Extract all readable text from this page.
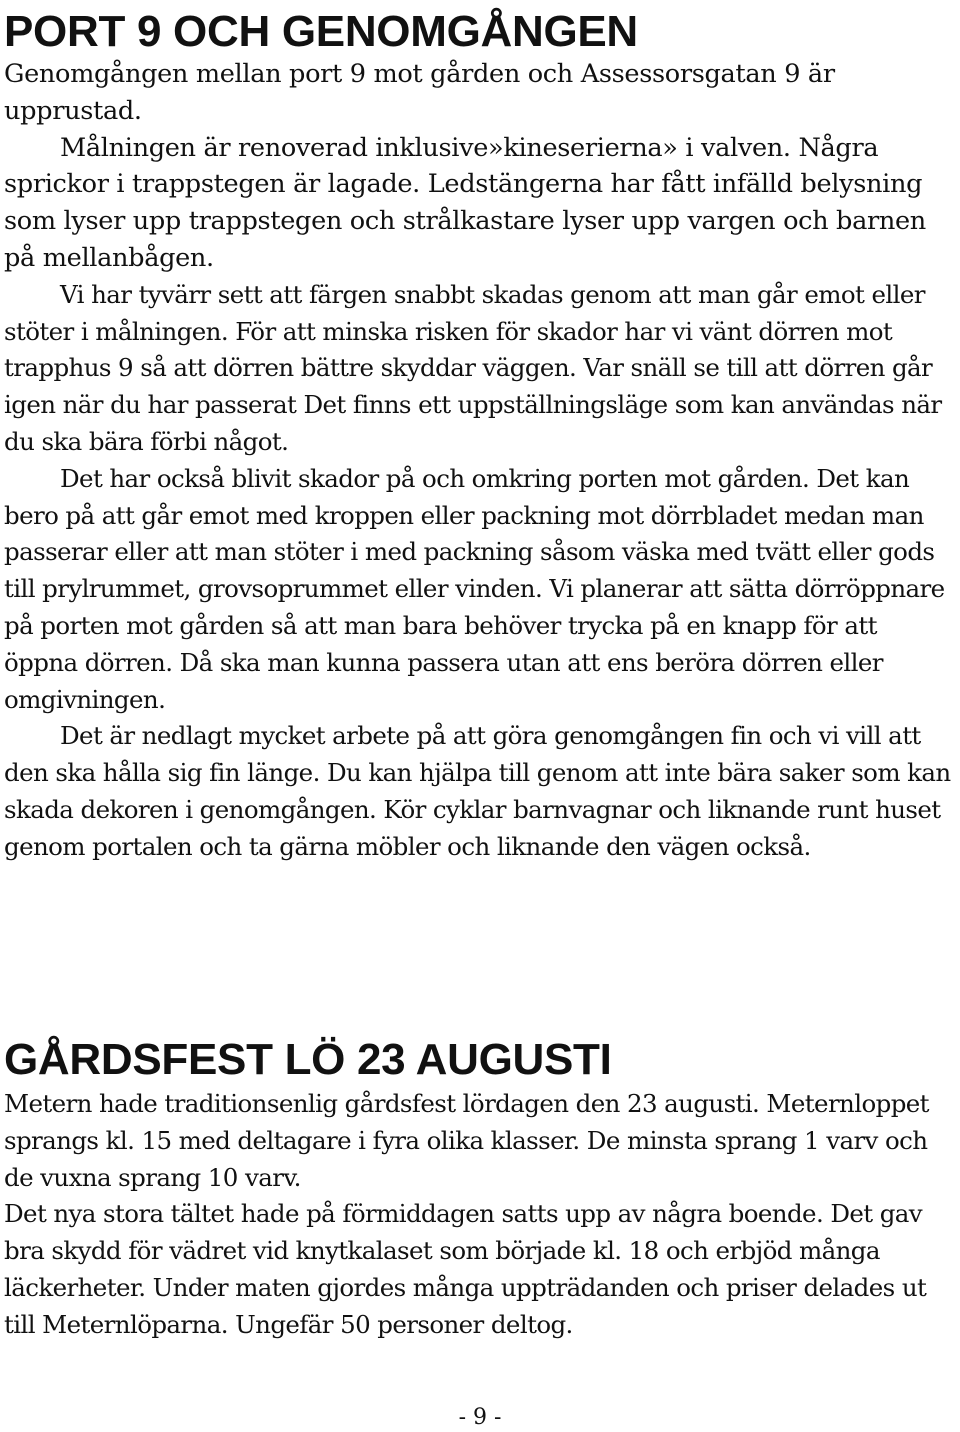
PORT 9 OCH GENOMGÅNGEN

Genomgången mellan port 9 mot gården och Assessorsgatan 9 är upprustad.

Målningen är renoverad inklusive»kineserierna» i valven. Några sprickor i trappstegen är lagade. Ledstängerna har fått infälld belysning som lyser upp trappstegen och strålkastare lyser upp vargen och barnen på mellanbågen.

Vi har tyvärr sett att färgen snabbt skadas genom att man går emot eller stöter i målningen. För att minska risken för skador har vi vänt dörren mot trapphus 9 så att dörren bättre skyddar väggen. Var snäll se till att dörren går igen när du har passerat Det finns ett uppställningsläge som kan användas när du ska bära förbi något.

Det har också blivit skador på och omkring porten mot gården. Det kan bero på att går emot med kroppen eller packning mot dörrbladet medan man passerar eller att man stöter i med packning såsom väska med tvätt eller gods till prylrummet, grovsoprummet eller vinden. Vi planerar att sätta dörröppnare på porten mot gården så att man bara behöver trycka på en knapp för att öppna dörren. Då ska man kunna passera utan att ens beröra dörren eller omgivningen.

Det är nedlagt mycket arbete på att göra genomgången fin och vi vill att den ska hålla sig fin länge. Du kan hjälpa till genom att inte bära saker som kan skada dekoren i genomgången. Kör cyklar barnvagnar och liknande runt huset genom portalen och ta gärna möbler och liknande den vägen också.

GÅRDSFEST LÖ 23 AUGUSTI

Metern hade traditionsenlig gårdsfest lördagen den 23 augusti. Meternloppet sprangs kl. 15 med deltagare i fyra olika klasser. De minsta sprang 1 varv och de vuxna sprang 10 varv.

Det nya stora tältet hade på förmiddagen satts upp av några boende. Det gav bra skydd för vädret vid knytkalaset som började kl. 18 och erbjöd många läckerheter. Under maten gjordes många uppträdanden och priser delades ut till Meternlöparna. Ungefär 50 personer deltog.

- 9 -
